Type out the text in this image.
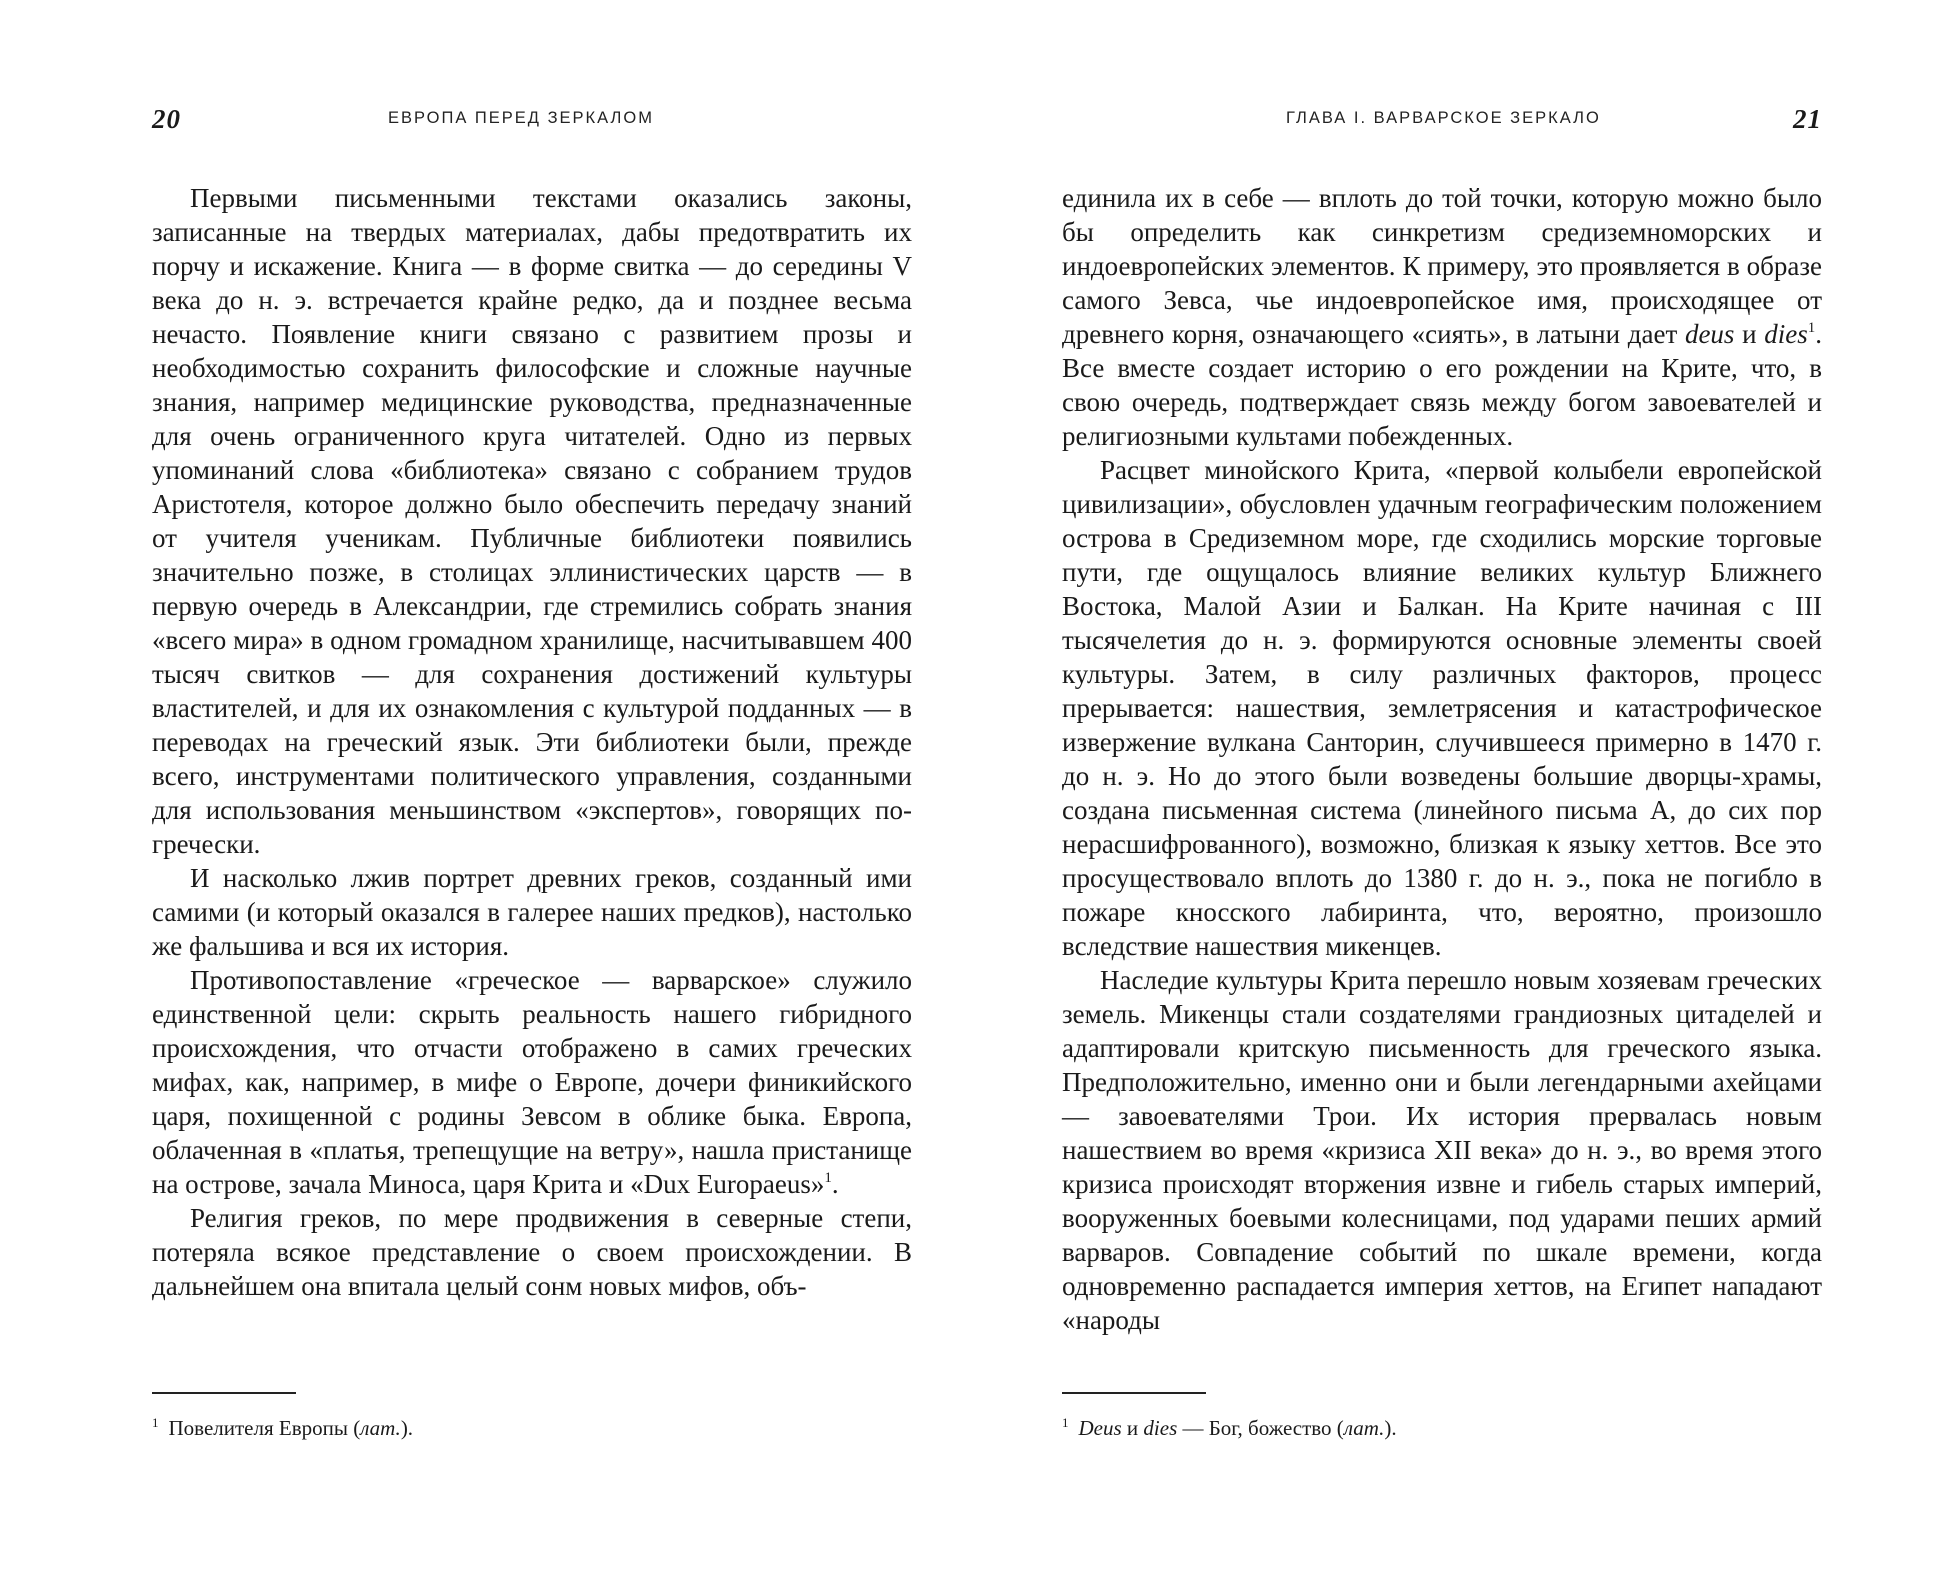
20	ЕВРОПА ПЕРЕД ЗЕРКАЛОМ

Первыми письменными текстами оказались законы, записанные на твердых материалах, дабы предотвратить их порчу и искажение. Книга — в форме свитка — до середины V века до н. э. встречается крайне редко, да и позднее весьма нечасто. Появление книги связано с развитием прозы и необходимостью сохранить философские и сложные научные знания, например медицинские руководства, предназначенные для очень ограниченного круга читателей. Одно из первых упоминаний слова «библиотека» связано с собранием трудов Аристотеля, которое должно было обеспечить передачу знаний от учителя ученикам. Публичные библиотеки появились значительно позже, в столицах эллинистических царств — в первую очередь в Александрии, где стремились собрать знания «всего мира» в одном громадном хранилище, насчитывавшем 400 тысяч свитков — для сохранения достижений культуры властителей, и для их ознакомления с культурой подданных — в переводах на греческий язык. Эти библиотеки были, прежде всего, инструментами политического управления, созданными для использования меньшинством «экспертов», говорящих по-гречески.

И насколько лжив портрет древних греков, созданный ими самими (и который оказался в галерее наших предков), настолько же фальшива и вся их история.

Противопоставление «греческое — варварское» служило единственной цели: скрыть реальность нашего гибридного происхождения, что отчасти отображено в самих греческих мифах, как, например, в мифе о Европе, дочери финикийского царя, похищенной с родины Зевсом в облике быка. Европа, облаченная в «платья, трепещущие на ветру», нашла пристанище на острове, зачала Миноса, царя Крита и «Dux Europaeus»$^1$.

Религия греков, по мере продвижения в северные степи, потеряла всякое представление о своем происхождении. В дальнейшем она впитала целый сонм новых мифов, объ-

$^1$ Повелителя Европы (лат.).
ГЛАВА I. ВАРВАРСКОЕ ЗЕРКАЛО	21

единила их в себе — вплоть до той точки, которую можно было бы определить как синкретизм средиземноморских и индоевропейских элементов. К примеру, это проявляется в образе самого Зевса, чье индоевропейское имя, происходящее от древнего корня, означающего «сиять», в латыни дает deus и dies$^1$. Все вместе создает историю о его рождении на Крите, что, в свою очередь, подтверждает связь между богом завоевателей и религиозными культами побежденных.

Расцвет минойского Крита, «первой колыбели европейской цивилизации», обусловлен удачным географическим положением острова в Средиземном море, где сходились морские торговые пути, где ощущалось влияние великих культур Ближнего Востока, Малой Азии и Балкан. На Крите начиная с III тысячелетия до н. э. формируются основные элементы своей культуры. Затем, в силу различных факторов, процесс прерывается: нашествия, землетрясения и катастрофическое извержение вулкана Санторин, случившееся примерно в 1470 г. до н. э. Но до этого были возведены большие дворцы-храмы, создана письменная система (линейного письма А, до сих пор нерасшифрованного), возможно, близкая к языку хеттов. Все это просуществовало вплоть до 1380 г. до н. э., пока не погибло в пожаре кносского лабиринта, что, вероятно, произошло вследствие нашествия микенцев.

Наследие культуры Крита перешло новым хозяевам греческих земель. Микенцы стали создателями грандиозных цитаделей и адаптировали критскую письменность для греческого языка. Предположительно, именно они и были легендарными ахейцами — завоевателями Трои. Их история прервалась новым нашествием во время «кризиса XII века» до н. э., во время этого кризиса происходят вторжения извне и гибель старых империй, вооруженных боевыми колесницами, под ударами пеших армий варваров. Совпадение событий по шкале времени, когда одновременно распадается империя хеттов, на Египет нападают «народы

$^1$ Deus и dies — Бог, божество (лат.).
